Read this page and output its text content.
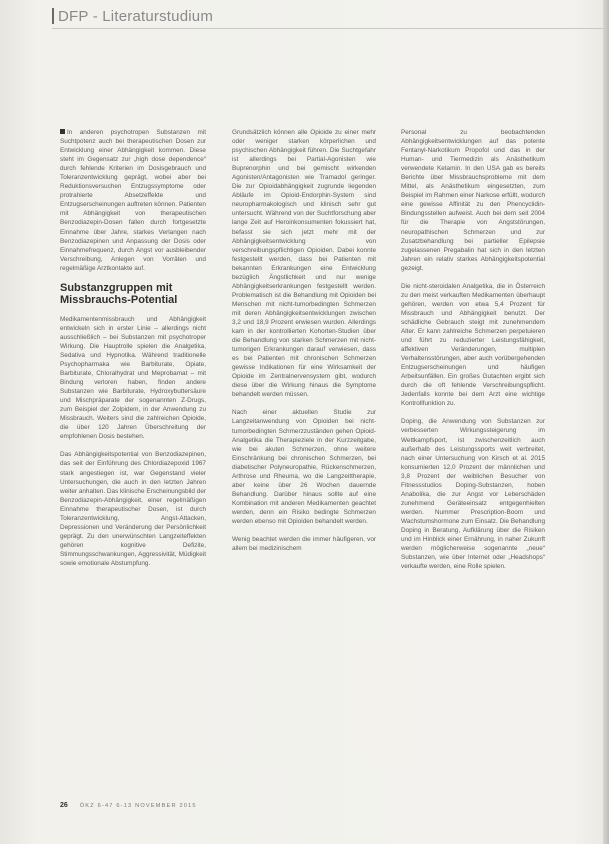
DFP - Literaturstudium

In anderen psychotropen Substanzen mit Suchtpotenz auch bei therapeutischen Dosen zur Entwicklung einer Abhängigkeit kommen. Diese steht im Gegensatz zur „high dose dependence“ durch fehlende Kriterien im Dosisgebrauch und Toleranzentwicklung geprägt, wobei aber bei Reduktionsversuchen Entzugssymptome oder protrahierte Absetzeffekte und Entzugserscheinungen auftreten können. Patienten mit Abhängigkeit von therapeutischen Benzodiazepin-Dosen fallen durch fortgesetzte Einnahme über Jahre, starkes Verlangen nach Benzodiazepinen und Anpassung der Dosis oder Einnahmefrequenz, durch Angst vor ausbleibender Verschreibung, Anlegen von Vorräten und regelmäßige Arztkontakte auf.

Substanzgruppen mit Missbrauchs-Potential

Medikamentenmissbrauch und Abhängigkeit entwickeln sich in erster Linie – allerdings nicht ausschließlich – bei Substanzen mit psychotroper Wirkung. Die Hauptrolle spielen die Analgetika, Sedativa und Hypnotika. Während traditionelle Psychopharmaka wie Barbiturate, Opiate, Barbiturate, Chloralhydrat und Meprobamat – mit Bindung verloren haben, finden andere Substanzen wie Barbiturate, Hydroxybuttersäure und Mischpräparate der sogenannten Z-Drugs, zum Beispiel der Zolpidem, in der Anwendung zu Missbrauch. Weiters sind die zahlreichen Opioide, die über 120 Jahren Überschreitung der empfohlenen Dosis bestehen.

Das Abhängigkeitspotential von Benzodiazepinen, das seit der Einführung des Chlordiazepoxid 1967 stark angestiegen ist, war Gegenstand vieler Untersuchungen, die auch in den letzten Jahren weiter anhalten. Das klinische Erscheinungsbild der Benzodiazepin-Abhängigkeit, einer regelmäßigen Einnahme therapeutischer Dosen, ist durch Toleranzentwicklung, Angst-Attacken, Depressionen und Veränderung der Persönlichkeit geprägt. Zu den unerwünschten Langzeiteffekten gehören kognitive Defizite, Stimmungsschwankungen, Aggressivität, Müdigkeit sowie emotionale Abstumpfung.

Grundsätzlich können alle Opioide zu einer mehr oder weniger starken körperlichen und psychischen Abhängigkeit führen. Die Suchtgefahr ist allerdings bei Partial-Agonisten wie Buprenorphin und bei gemischt wirkenden Agonisten/Antagonisten wie Tramadol geringer. Die zur Opioidabhängigkeit zugrunde liegenden Abläufe im Opioid-Endorphin-System sind neuropharmakologisch und klinisch sehr gut untersucht. Während von der Suchtforschung aber lange Zeit auf Heroinkonsumenten fokussiert hat, befasst sie sich jetzt mehr mit der Abhängigkeitsentwicklung von verschreibungspflichtigen Opioiden. Dabei konnte festgestellt werden, dass bei Patienten mit bekannten Erkrankungen eine Entwicklung bezüglich Ängstlichkeit und nur wenige Abhängigkeitserkrankungen festgestellt werden. Problematisch ist die Behandlung mit Opioiden bei Menschen mit nicht-tumorbedingten Schmerzen mit deren Abhängigkeitsentwicklungen zwischen 3,2 und 18,9 Prozent erwiesen wurden. Allerdings kam in der kontrollierten Kohorten-Studien über die Behandlung von starken Schmerzen mit nicht-tumorigen Erkrankungen darauf verwiesen, dass es bei Patienten mit chronischen Schmerzen gewisse Indikationen für eine Wirksamkeit der Opioide im Zentralnervensystem gibt, wodurch diese über die Wirkung hinaus die Symptome behandelt werden müssen.

Nach einer aktuellen Studie zur Langzeitanwendung von Opioiden bei nicht-tumorbedingten Schmerzzuständen gehen Opioid-Analgetika die Therapieziele in der Kurzzeitgabe, wie bei akuten Schmerzen, ohne weitere Einschränkung bei chronischen Schmerzen, bei diabetischer Polyneuropathie, Rückenschmerzen, Arthrose und Rheuma, wo die Langzeittherapie, aber keine über 26 Wochen dauernde Behandlung. Darüber hinaus sollte auf eine Kombination mit anderen Medikamenten geachtet werden, denn ein Risiko bedingte Schmerzen werden ebenso mit Opioiden behandelt werden.

Wenig beachtet werden die immer häufigeren, vor allem bei medizinischem

Personal zu beobachtenden Abhängigkeitsentwicklungen auf das potente Fentanyl-Narkotikum Propofol und das in der Human- und Tiermedizin als Anästhetikum verwendete Ketamin. In den USA gab es bereits Berichte über Missbrauchsprobleme mit dem Mittel, als Anästhetikum eingesetzten, zum Beispiel im Rahmen einer Narkose erfüllt, wodurch eine gewisse Affinität zu den Phencyclidin-Bindungsstellen aufweist. Auch bei dem seit 2004 für die Therapie von Angststörungen, neuropathischen Schmerzen und zur Zusatzbehandlung bei partieller Epilepsie zugelassenen Pregabalin hat sich in den letzten Jahren ein relativ starkes Abhängigkeitspotential gezeigt.

Die nicht-steroidalen Analgetika, die in Österreich zu den meist verkauften Medikamenten überhaupt gehören, werden von etwa 5,4 Prozent für Missbrauch und Abhängigkeit benutzt. Der schädliche Gebrauch steigt mit zunehmendem Alter. Er kann zahlreiche Schmerzen perpetuieren und führt zu reduzierter Leistungsfähigkeit, affektiven Veränderungen, multiplen Verhaltensstörungen, aber auch vorübergehenden Entzugserscheinungen und häufigen Arbeitsunfällen. Ein großes Gutachten ergibt sich durch die oft fehlende Verschreibungspflicht. Jedenfalls konnte bei dem Arzt eine wichtige Kontrollfunktion zu.

Doping, die Anwendung von Substanzen zur verbesserten Wirkungssteigerung im Wettkampfsport, ist zwischenzeitlich auch außerhalb des Leistungssports weit verbreitet, nach einer Untersuchung von Kirsch et al. 2015 konsumierten 12,0 Prozent der männlichen und 3,8 Prozent der weiblichen Besucher von Fitnessstudios Doping-Substanzen, hoben Anabolika, die zur Angst vor Leberschäden zunehmend Geräteeinsatz entgegenhielten werden. Nummer Prescription-Boom und Wachstumshormone zum Einsatz. Die Behandlung Doping in Beratung, Aufklärung über die Risiken und im Hinblick einer Ernährung, in naher Zukunft werden möglicherweise sogenannte „neue“ Substanzen, wie über Internet oder „Headshops“ verkaufte werden, eine Rolle spielen.

26 ÖKZ 6-47 6-13 NOVEMBER 2015
